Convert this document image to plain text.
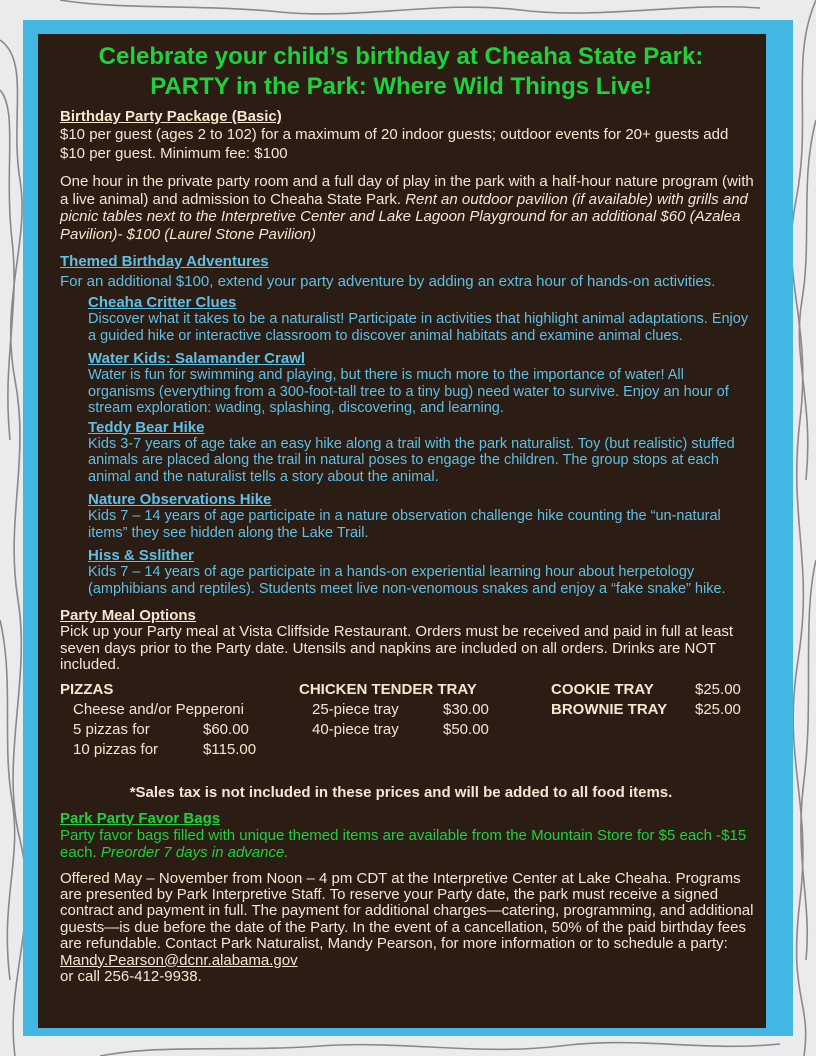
Celebrate your child’s birthday at Cheaha State Park:
PARTY in the Park: Where Wild Things Live!
Birthday Party Package (Basic)
$10 per guest (ages 2 to 102) for a maximum of 20 indoor guests; outdoor events for 20+ guests add $10 per guest. Minimum fee: $100
One hour in the private party room and a full day of play in the park with a half-hour nature program (with a live animal) and admission to Cheaha State Park. Rent an outdoor pavilion (if available) with grills and picnic tables next to the Interpretive Center and Lake Lagoon Playground for an additional $60 (Azalea Pavilion)- $100 (Laurel Stone Pavilion)
Themed Birthday Adventures
For an additional $100, extend your party adventure by adding an extra hour of hands-on activities.
Cheaha Critter Clues
Discover what it takes to be a naturalist! Participate in activities that highlight animal adaptations. Enjoy a guided hike or interactive classroom to discover animal habitats and examine animal clues.
Water Kids: Salamander Crawl
Water is fun for swimming and playing, but there is much more to the importance of water! All organisms (everything from a 300-foot-tall tree to a tiny bug) need water to survive. Enjoy an hour of stream exploration: wading, splashing, discovering, and learning.
Teddy Bear Hike
Kids 3-7 years of age take an easy hike along a trail with the park naturalist. Toy (but realistic) stuffed animals are placed along the trail in natural poses to engage the children. The group stops at each animal and the naturalist tells a story about the animal.
Nature Observations Hike
Kids 7 – 14 years of age participate in a nature observation challenge hike counting the “un-natural items” they see hidden along the Lake Trail.
Hiss & Sslither
Kids 7 – 14 years of age participate in a hands-on experiential learning hour about herpetology (amphibians and reptiles). Students meet live non-venomous snakes and enjoy a “fake snake” hike.
Party Meal Options
Pick up your Party meal at Vista Cliffside Restaurant. Orders must be received and paid in full at least seven days prior to the Party date. Utensils and napkins are included on all orders. Drinks are NOT included.
PIZZAS
Cheese and/or Pepperoni
5 pizzas for	$60.00
10 pizzas for	$115.00
CHICKEN TENDER TRAY
25-piece tray	$30.00
40-piece tray	$50.00
COOKIE TRAY	$25.00
BROWNIE TRAY	$25.00
*Sales tax is not included in these prices and will be added to all food items.
Park Party Favor Bags
Party favor bags filled with unique themed items are available from the Mountain Store for $5 each -$15 each. Preorder 7 days in advance.
Offered May – November from Noon – 4 pm CDT at the Interpretive Center at Lake Cheaha. Programs are presented by Park Interpretive Staff. To reserve your Party date, the park must receive a signed contract and payment in full. The payment for additional charges—catering, programming, and additional guests—is due before the date of the Party. In the event of a cancellation, 50% of the paid birthday fees are refundable. Contact Park Naturalist, Mandy Pearson, for more information or to schedule a party: Mandy.Pearson@dcnr.alabama.gov
or call 256-412-9938.
